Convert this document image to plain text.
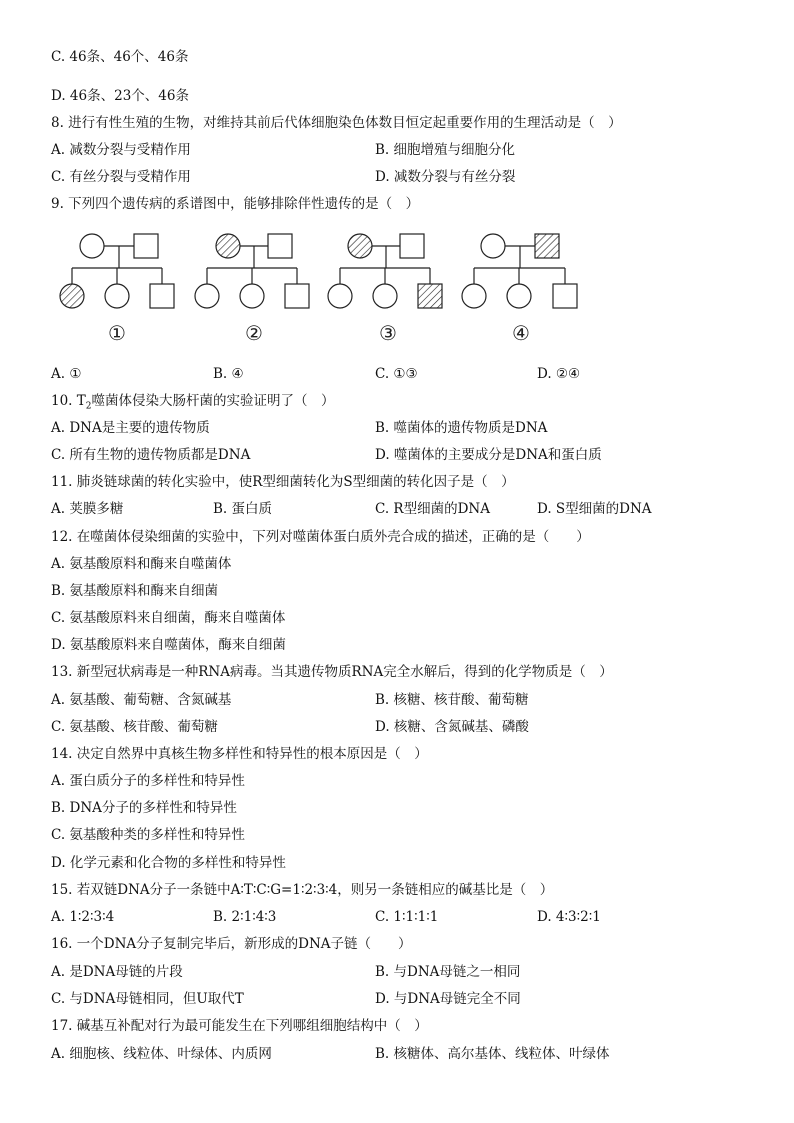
C. 46条、46个、46条
D. 46条、23个、46条
8. 进行有性生殖的生物，对维持其前后代体细胞染色体数目恒定起重要作用的生理活动是（　）
A. 减数分裂与受精作用	B. 细胞增殖与细胞分化
C. 有丝分裂与受精作用	D. 减数分裂与有丝分裂
9. 下列四个遗传病的系谱图中，能够排除伴性遗传的是（　）
①	②	③	④
A. ①	B. ④	C. ①③	D. ②④
10. $T_2$噬菌体侵染大肠杆菌的实验证明了（　）
A. DNA是主要的遗传物质	B. 噬菌体的遗传物质是DNA
C. 所有生物的遗传物质都是DNA	D. 噬菌体的主要成分是DNA和蛋白质
11. 肺炎链球菌的转化实验中，使R型细菌转化为S型细菌的转化因子是（　）
A. 荚膜多糖	B. 蛋白质	C. R型细菌的DNA	D. S型细菌的DNA
12. 在噬菌体侵染细菌的实验中，下列对噬菌体蛋白质外壳合成的描述，正确的是（　　）
A. 氨基酸原料和酶来自噬菌体
B. 氨基酸原料和酶来自细菌
C. 氨基酸原料来自细菌，酶来自噬菌体
D. 氨基酸原料来自噬菌体，酶来自细菌
13. 新型冠状病毒是一种RNA病毒。当其遗传物质RNA完全水解后，得到的化学物质是（　）
A. 氨基酸、葡萄糖、含氮碱基	B. 核糖、核苷酸、葡萄糖
C. 氨基酸、核苷酸、葡萄糖	D. 核糖、含氮碱基、磷酸
14. 决定自然界中真核生物多样性和特异性的根本原因是（　）
A. 蛋白质分子的多样性和特异性
B. DNA分子的多样性和特异性
C. 氨基酸种类的多样性和特异性
D. 化学元素和化合物的多样性和特异性
15. 若双链DNA分子一条链中A∶T∶C∶G=1∶2∶3∶4，则另一条链相应的碱基比是（　）
A. 1∶2∶3∶4	B. 2∶1∶4∶3	C. 1∶1∶1∶1	D. 4∶3∶2∶1
16. 一个DNA分子复制完毕后，新形成的DNA子链（　　）
A. 是DNA母链的片段	B. 与DNA母链之一相同
C. 与DNA母链相同，但U取代T	D. 与DNA母链完全不同
17. 碱基互补配对行为最可能发生在下列哪组细胞结构中（　）
A. 细胞核、线粒体、叶绿体、内质网	B. 核糖体、高尔基体、线粒体、叶绿体
